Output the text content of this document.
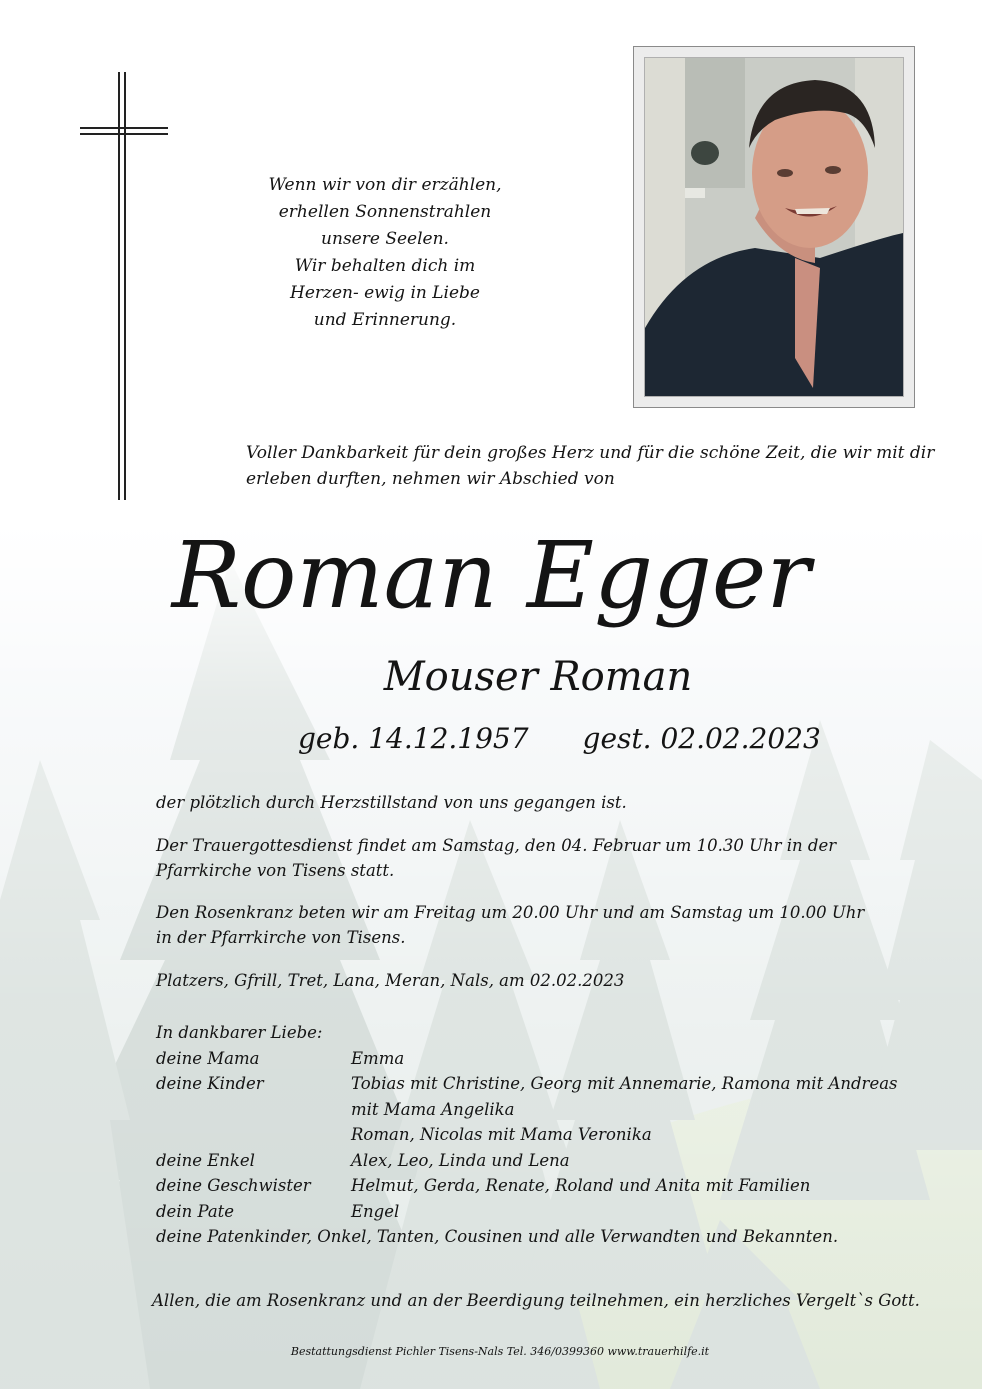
Wenn wir von dir erzählen,
erhellen Sonnenstrahlen
unsere Seelen.
Wir behalten dich im
Herzen- ewig in Liebe
und Erinnerung.
Voller Dankbarkeit für dein großes Herz und für die schöne Zeit, die wir mit dir
erleben durften, nehmen wir Abschied von
Roman Egger
Mouser Roman
geb. 14.12.1957 gest. 02.02.2023
der plötzlich durch Herzstillstand von uns gegangen ist.
Der Trauergottesdienst findet am Samstag, den 04. Februar um 10.30 Uhr in der
Pfarrkirche von Tisens statt.
Den Rosenkranz beten wir am Freitag um 20.00 Uhr und am Samstag um 10.00 Uhr
in der Pfarrkirche von Tisens.
Platzers, Gfrill, Tret, Lana, Meran, Nals, am 02.02.2023
In dankbarer Liebe:
deine Mama	Emma
deine Kinder	Tobias mit Christine, Georg mit Annemarie, Ramona mit Andreas
mit Mama Angelika
Roman, Nicolas mit Mama Veronika
deine Enkel	Alex, Leo, Linda und Lena
deine Geschwister	Helmut, Gerda, Renate, Roland und Anita mit Familien
dein Pate	Engel
deine Patenkinder, Onkel, Tanten, Cousinen und alle Verwandten und Bekannten.
Allen, die am Rosenkranz und an der Beerdigung teilnehmen, ein herzliches Vergelt`s Gott.
Bestattungsdienst Pichler Tisens-Nals Tel. 346/0399360 www.trauerhilfe.it
